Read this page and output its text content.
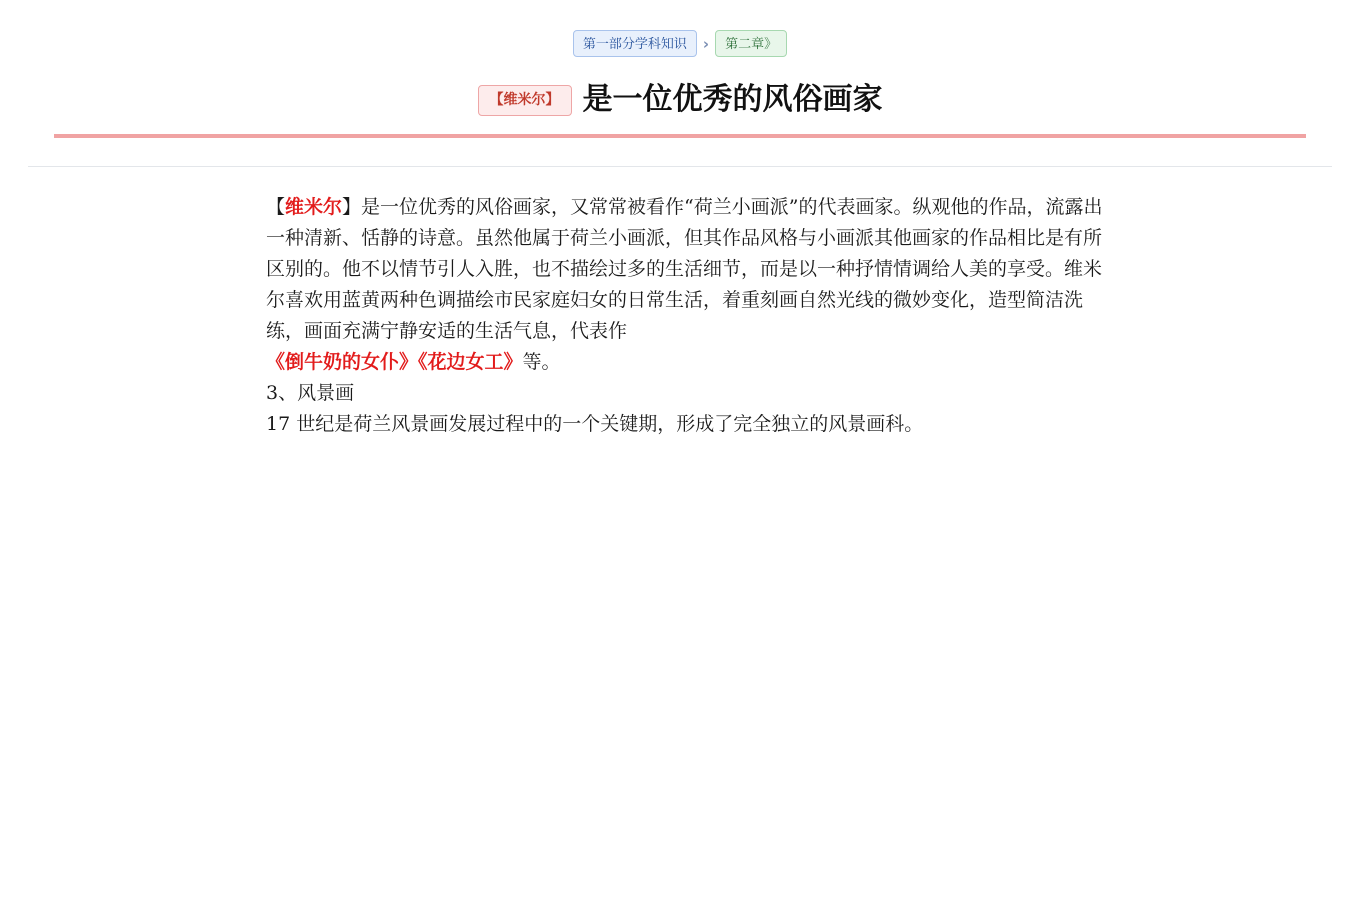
第一部分学科知识	›	第二章》
【维米尔】 是一位优秀的风俗画家

【维米尔】是一位优秀的风俗画家，又常常被看作“荷兰小画派”的代表画家。纵观他的作品，流露出一种清新、恬静的诗意。虽然他属于荷兰小画派，但其作品风格与小画派其他画家的作品相比是有所区别的。他不以情节引人入胜，也不描绘过多的生活细节，而是以一种抒情情调给人美的享受。维米尔喜欢用蓝黄两种色调描绘市民家庭妇女的日常生活，着重刻画自然光线的微妙变化，造型简洁洗练，画面充满宁静安适的生活气息，代表作
《倒牛奶的女仆》《花边女工》等。

3、风景画

17 世纪是荷兰风景画发展过程中的一个关键期，形成了完全独立的风景画科。
